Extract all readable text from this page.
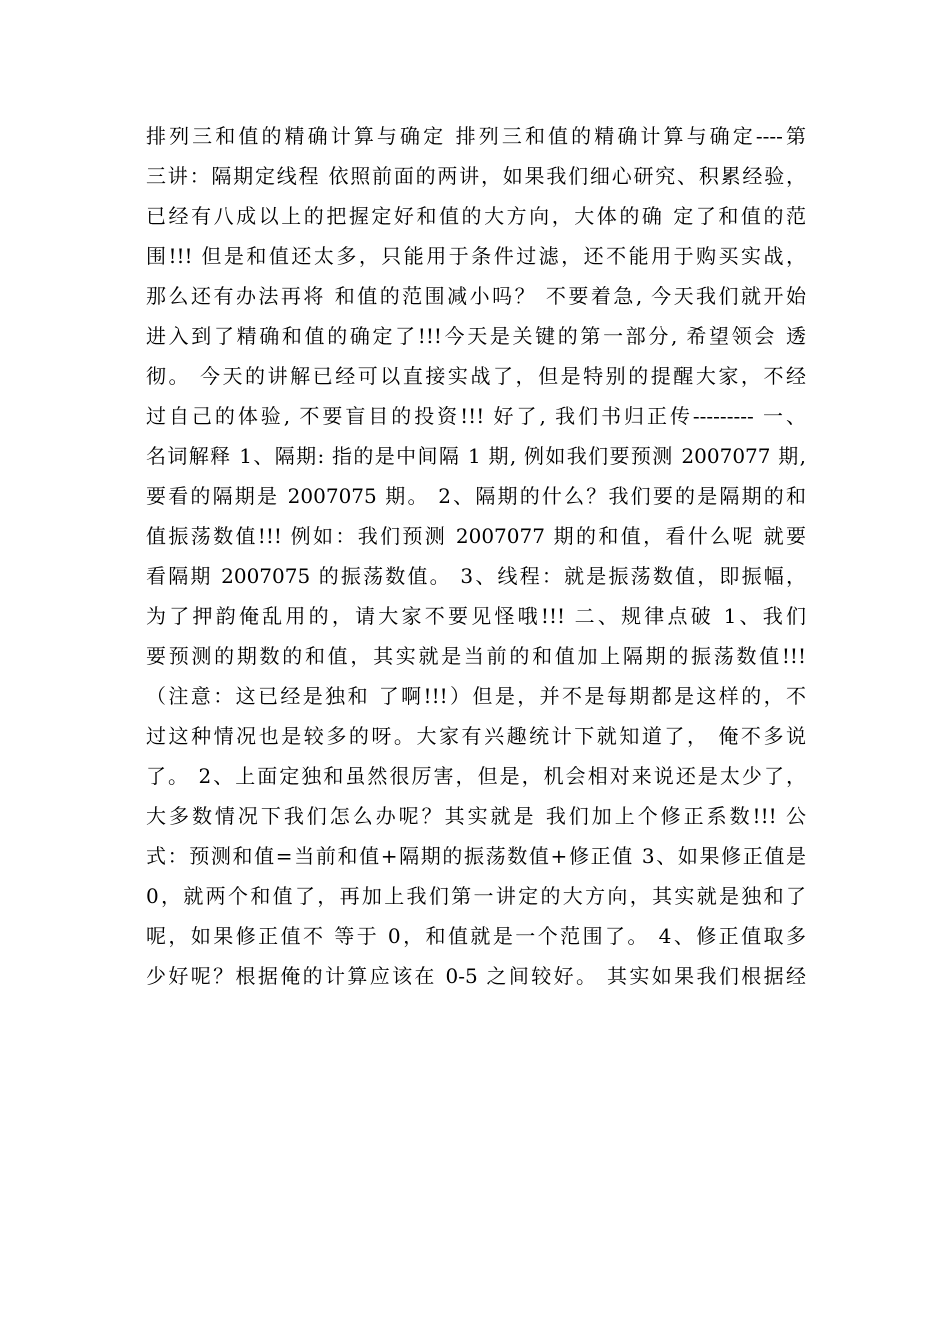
排列三和值的精确计算与确定 排列三和值的精确计算与确定----第
三讲：隔期定线程 依照前面的两讲，如果我们细心研究、积累经验，
已经有八成以上的把握定好和值的大方向，大体的确 定了和值的范
围!!! 但是和值还太多，只能用于条件过滤，还不能用于购买实战，
那么还有办法再将 和值的范围减小吗？ 不要着急, 今天我们就开始
进入到了精确和值的确定了!!!今天是关键的第一部分, 希望领会 透
彻。 今天的讲解已经可以直接实战了，但是特别的提醒大家，不经
过自己的体验, 不要盲目的投资!!! 好了, 我们书归正传--------- 一、
名词解释 1、隔期: 指的是中间隔 1 期, 例如我们要预测 2007077 期,
要看的隔期是 2007075 期。 2、隔期的什么？我们要的是隔期的和
值振荡数值!!! 例如：我们预测 2007077 期的和值，看什么呢 就要
看隔期 2007075 的振荡数值。 3、线程：就是振荡数值，即振幅，
为了押韵俺乱用的，请大家不要见怪哦!!! 二、规律点破 1、我们
要预测的期数的和值，其实就是当前的和值加上隔期的振荡数值!!!
（注意：这已经是独和 了啊!!!）但是，并不是每期都是这样的，不
过这种情况也是较多的呀。大家有兴趣统计下就知道了， 俺不多说
了。 2、上面定独和虽然很厉害，但是，机会相对来说还是太少了，
大多数情况下我们怎么办呢？其实就是 我们加上个修正系数!!! 公
式：预测和值=当前和值+隔期的振荡数值+修正值 3、如果修正值是
0，就两个和值了，再加上我们第一讲定的大方向，其实就是独和了
呢，如果修正值不 等于 0，和值就是一个范围了。 4、修正值取多
少好呢？根据俺的计算应该在 0-5 之间较好。 其实如果我们根据经
